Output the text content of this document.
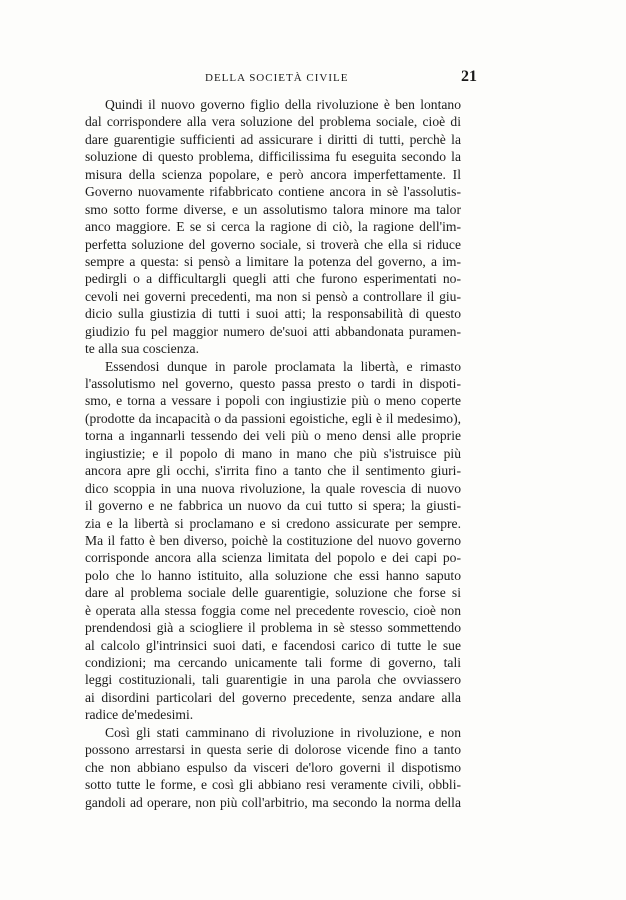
DELLA SOCIETÀ CIVILE	21
Quindi il nuovo governo figlio della rivoluzione è ben lontano
dal corrispondere alla vera soluzione del problema sociale, cioè di
dare guarentigie sufficienti ad assicurare i diritti di tutti, perchè la
soluzione di questo problema, difficilissima fu eseguita secondo la
misura della scienza popolare, e però ancora imperfettamente. Il
Governo nuovamente rifabbricato contiene ancora in sè l'assolutis-
smo sotto forme diverse, e un assolutismo talora minore ma talor
anco maggiore. E se si cerca la ragione di ciò, la ragione dell'im-
perfetta soluzione del governo sociale, si troverà che ella si riduce
sempre a questa: si pensò a limitare la potenza del governo, a im-
pedirgli o a difficultargli quegli atti che furono esperimentati no-
cevoli nei governi precedenti, ma non si pensò a controllare il giu-
dicio sulla giustizia di tutti i suoi atti; la responsabilità di questo
giudizio fu pel maggior numero de'suoi atti abbandonata puramen-
te alla sua coscienza.
Essendosi dunque in parole proclamata la libertà, e rimasto
l'assolutismo nel governo, questo passa presto o tardi in dispoti-
smo, e torna a vessare i popoli con ingiustizie più o meno coperte
(prodotte da incapacità o da passioni egoistiche, egli è il medesimo),
torna a ingannarli tessendo dei veli più o meno densi alle proprie
ingiustizie; e il popolo di mano in mano che più s'istruisce più
ancora apre gli occhi, s'irrita fino a tanto che il sentimento giuri-
dico scoppia in una nuova rivoluzione, la quale rovescia di nuovo
il governo e ne fabbrica un nuovo da cui tutto si spera; la giusti-
zia e la libertà si proclamano e si credono assicurate per sempre.
Ma il fatto è ben diverso, poichè la costituzione del nuovo governo
corrisponde ancora alla scienza limitata del popolo e dei capi po-
polo che lo hanno istituito, alla soluzione che essi hanno saputo
dare al problema sociale delle guarentigie, soluzione che forse si
è operata alla stessa foggia come nel precedente rovescio, cioè non
prendendosi già a sciogliere il problema in sè stesso sommettendo
al calcolo gl'intrinsici suoi dati, e facendosi carico di tutte le sue
condizioni; ma cercando unicamente tali forme di governo, tali
leggi costituzionali, tali guarentigie in una parola che ovviassero
ai disordini particolari del governo precedente, senza andare alla
radice de'medesimi.
Così gli stati camminano di rivoluzione in rivoluzione, e non
possono arrestarsi in questa serie di dolorose vicende fino a tanto
che non abbiano espulso da visceri de'loro governi il dispotismo
sotto tutte le forme, e così gli abbiano resi veramente civili, obbli-
gandoli ad operare, non più coll'arbitrio, ma secondo la norma della
